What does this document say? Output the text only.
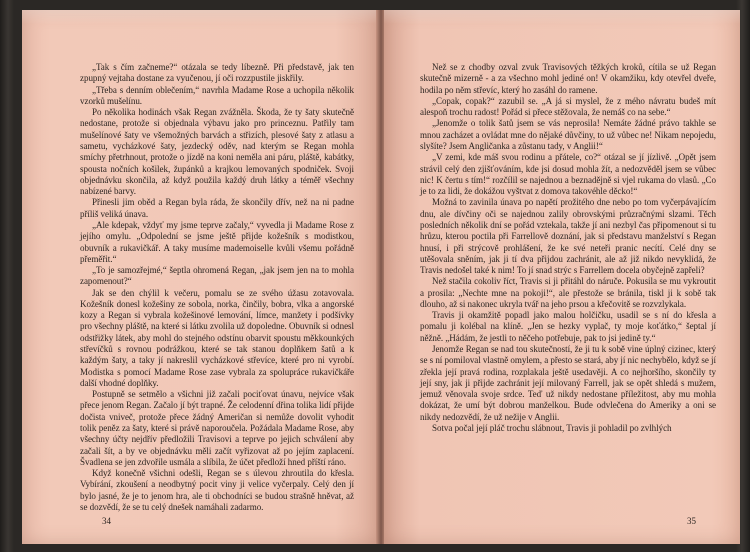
„Tak s čím začneme?“ otázala se tedy líbezně. Při představě, jak ten zpupný vejtaha dostane za vyučenou, jí oči rozzpustile jiskřily.

„Třeba s denním oblečením,“ navrhla Madame Rose a uchopila několik vzorků mušelínu.

Po několika hodinách však Regan zvážněla. Škoda, že ty šaty skutečně nedostane, protože si objednala výbavu jako pro princeznu. Patřily tam mušelínové šaty ve všemožných barvách a střizích, plesové šaty z atlasu a sametu, vycházkové šaty, jezdecký oděv, nad kterým se Regan mohla smíchy přetrhnout, protože o jízdě na koni neměla ani páru, pláště, kabátky, spousta nočních košilek, župánků a krajkou lemovaných spodniček. Svoji objednávku skončila, až když použila každý druh látky a téměř všechny nabízené barvy.

Přinesli jim oběd a Regan byla ráda, že skončily dřív, než na ni padne příliš veliká únava.

„Ale kdepak, vždyť my jsme teprve začaly,“ vyvedla ji Madame Rose z jejího omylu. „Odpolední se jsme ještě přijde kožešník s modistkou, obuvník a rukavičkář. A taky musíme mademoiselle kvůli všemu pořádně přeměřit.“

„To je samozřejmé,“ šeptla ohromená Regan, „jak jsem jen na to mohla zapomenout?“

Jak se den chýlil k večeru, pomalu se ze svého úžasu zotavovala. Kožešník donesl kožešiny ze sobola, norka, činčily, bobra, vlka a angorské kozy a Regan si vybrala kožešinové lemování, límce, manžety i podšívky pro všechny pláště, na které si látku zvolila už dopoledne. Obuvník si odnesl odstřižky látek, aby mohl do stejného odstínu obarvit spoustu měkkounkých střevíčků s rovnou podrážkou, které se tak stanou doplňkem šatů a k každým šaty, a taky jí nakreslil vycházkové střevíce, které pro ni vyrobí. Modistka s pomocí Madame Rose zase vybrala za spolupráce rukavičkáře další vhodné doplňky.

Postupně se setmělo a všichni již začali pociťovat únavu, nejvíce však přece jenom Regan. Začalo jí být trapné. Že celodenní dřina tolika lidí přijde dočista vniveč, protože přece žádný Američan si nemůže dovolit vyhodit tolik peněz za šaty, které si právě naporoučela. Požádala Madame Rose, aby všechny účty nejdřív předložili Travisovi a teprve po jejich schválení aby začali šít, a by ve objednávku měli začít vyřizovat až po jejím zaplacení. Švadlena se jen zdvořile usmála a slíbila, že účet předloží hned příští ráno.

Když konečně všichni odešli, Regan se s úlevou zhroutila do křesla. Vybírání, zkoušení a neodbytný pocit viny ji velice vyčerpaly. Celý den jí bylo jasné, že je to jenom hra, ale ti obchodníci se budou strašně hněvat, až se dozvědí, že se tu celý dnešek namáhali zadarmo.

34

Než se z chodby ozval zvuk Travisových těžkých kroků, cítila se už Regan skutečně mizerně - a za všechno mohl jediné on! V okamžiku, kdy otevřel dveře, hodila po něm střevíc, který ho zasáhl do ramene.

„Copak, copak?“ zazubil se. „A já si myslel, že z mého návratu budeš mít alespoň trochu radost! Pořád si přece stěžovala, že nemáš co na sebe.“

„Jenomže o tolik šatů jsem se vás neprosila! Nemáte žádné právo takhle se mnou zacházet a ovládat mne do nějaké důvčiny, to už vůbec ne! Nikam nepojedu, slyšíte? Jsem Angličanka a zůstanu tady, v Anglii!“

„V zemi, kde máš svou rodinu a přátele, co?“ otázal se jí jízlivě. „Opět jsem strávil celý den zjišťováním, kde jsi dosud mohla žít, a nedozvěděl jsem se vůbec nic! K čertu s tím!“ rozčílil se najednou a beznadějně si vjel rukama do vlasů. „Co je to za lidi, že dokážou vyštvat z domova takovéhle děcko!“

Možná to zavinila únava po napětí prožitého dne nebo po tom vyčerpávajícím dnu, ale dívčiny oči se najednou zalily obrovskými průzračnými slzami. Těch posledních několik dní se pořád vztekala, takže jí ani nezbyl čas připomenout si tu hrůzu, kterou poctila při Farrellově doznání, jak si představu manželství s Regan hnusí, i při strýcově prohlášení, že ke své neteři pranic necítí. Celé dny se utěšovala sněním, jak ji tí dva přijdou zachránit, ale až již nikdo nevyklidá, že Travis nedošel také k nim! To jí snad strýc s Farrellem docela obyčejně zapřeli?

Než stačila cokoliv říct, Travis si ji přitáhl do náruče. Pokusila se mu vykroutit a prosila: „Nechte mne na pokoji!“, ale přestože se bránila, tiskl ji k sobě tak dlouho, až si nakonec ukryla tvář na jeho prsou a křečovitě se rozvzlykala.

Travis ji okamžitě popadl jako malou holčičku, usadil se s ní do křesla a pomalu ji kolébal na klíně. „Jen se hezky vyplač, ty moje koťátko,“ šeptal jí něžně. „Hádám, že jestli to něčeho potřebuje, pak to jsi jedině ty.“

Jenomže Regan se nad tou skutečností, že ji tu k sobě vine úplný cizinec, který se s ní pomiloval vlastně omylem, a přesto se stará, aby jí nic nechybělo, když se jí zřekla její pravá rodina, rozplakala ještě usedavěji. A co nejhoršího, skončily ty její sny, jak ji přijde zachránit její milovaný Farrell, jak se opět shledá s mužem, jemuž věnovala svoje srdce. Teď už nikdy nedostane příležitost, aby mu mohla dokázat, že umí být dobrou manželkou. Bude odvlečena do Ameriky a oni se nikdy nedozvědí, že už nežije v Anglii.

Sotva počal její pláč trochu slábnout, Travis ji pohladil po zvlhlých

35
